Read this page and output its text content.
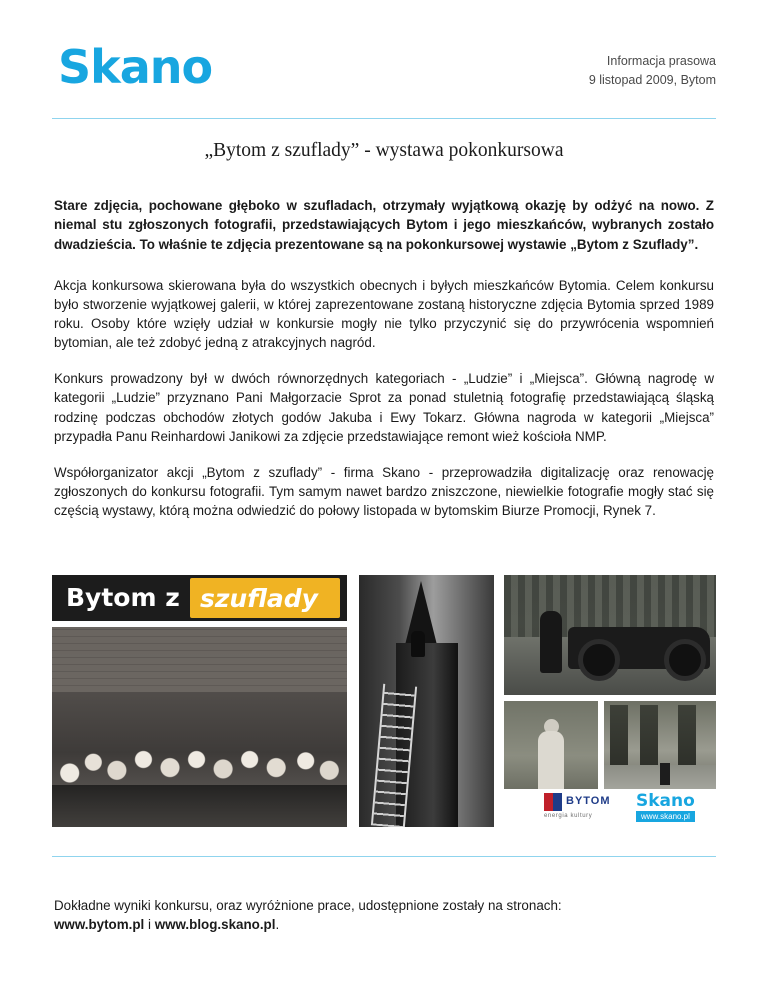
Skano	Informacja prasowa
9 listopad 2009, Bytom
„Bytom z szuflady” - wystawa pokonkursowa

Stare zdjęcia, pochowane głęboko w szufladach, otrzymały wyjątkową okazję by odżyć na nowo. Z niemal stu zgłoszonych fotografii, przedstawiających Bytom i jego mieszkańców, wybranych zostało dwadzieścia. To właśnie te zdjęcia prezentowane są na pokonkursowej wystawie „Bytom z Szuflady”.

Akcja konkursowa skierowana była do wszystkich obecnych i byłych mieszkańców Bytomia. Celem konkursu było stworzenie wyjątkowej galerii, w której zaprezentowane zostaną historyczne zdjęcia Bytomia sprzed 1989 roku. Osoby które wzięły udział w konkursie mogły nie tylko przyczynić się do przywrócenia wspomnień bytomian, ale też zdobyć jedną z atrakcyjnych nagród.

Konkurs prowadzony był w dwóch równorzędnych kategoriach - „Ludzie” i „Miejsca”. Główną nagrodę w kategorii „Ludzie” przyznano Pani Małgorzacie Sprot za ponad stuletnią fotografię przedstawiającą śląską rodzinę podczas obchodów złotych godów Jakuba i Ewy Tokarz. Główna nagroda w kategorii „Miejsca” przypadła Panu Reinhardowi Janikowi za zdjęcie przedstawiające remont wież kościoła NMP.

Współorganizator akcji „Bytom z szuflady” - firma Skano - przeprowadziła digitalizację oraz renowację zgłoszonych do konkursu fotografii. Tym samym nawet bardzo zniszczone, niewielkie fotografie mogły stać się częścią wystawy, którą można odwiedzić do połowy listopada w bytomskim Biurze Promocji, Rynek 7.

Bytom z szuflady
BYTOM
energia kultury
Skano
www.skano.pl
Dokładne wyniki konkursu, oraz wyróżnione prace, udostępnione zostały na stronach:
www.bytom.pl i www.blog.skano.pl.
